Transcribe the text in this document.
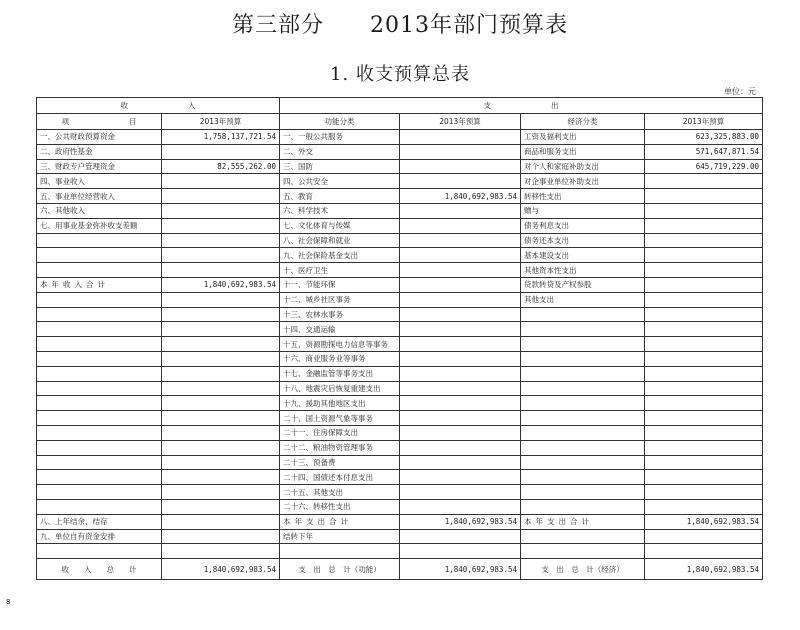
第三部分　　2013年部门预算表
1. 收支预算总表
单位：元
8
收　　　　　　　　入		支　　　　　　　　出			
项　　　　　　　　目	2013年预算	功能分类	2013年预算	经济分类	2013年预算
一、公共财政预算资金	1,758,137,721.54	一、一般公共服务		工资及福利支出	623,325,883.00
二、政府性基金		二、外交		商品和服务支出	571,647,871.54
三、财政专户管理资金	82,555,262.00	三、国防		对个人和家庭补助支出	645,719,229.00
四、事业收入		四、公共安全		对企事业单位补助支出	
五、事业单位经营收入		五、教育	1,840,692,983.54	转移性支出	
六、其他收入		六、科学技术		赠与	
七、用事业基金弥补收支差额		七、文化体育与传媒		债务利息支出	
		八、社会保障和就业		债务还本支出	
		九、社会保险基金支出		基本建设支出	
		十、医疗卫生		其他资本性支出	
本年收入合计	1,840,692,983.54	十一、节能环保		贷款转贷及产权参股	
		十二、城乡社区事务		其他支出	
		十三、农林水事务			
		十四、交通运输			
		十五、资源勘探电力信息等事务			
		十六、商业服务业等事务			
		十七、金融监管等事务支出			
		十八、地震灾后恢复重建支出			
		十九、援助其他地区支出			
		二十、国土资源气象等事务			
		二十一、住房保障支出			
		二十二、粮油物资管理事务			
		二十三、预备费			
		二十四、国债还本付息支出			
		二十五、其他支出			
		二十六、转移性支出			
八、上年结余、结存		本年支出合计	1,840,692,983.54	本年支出合计	1,840,692,983.54
九、单位自有资金安排		结转下年			

收　　入　　总　　计	1,840,692,983.54	支　出　总　计（功能）	1,840,692,983.54	支　出　总　计（经济）	1,840,692,983.54
